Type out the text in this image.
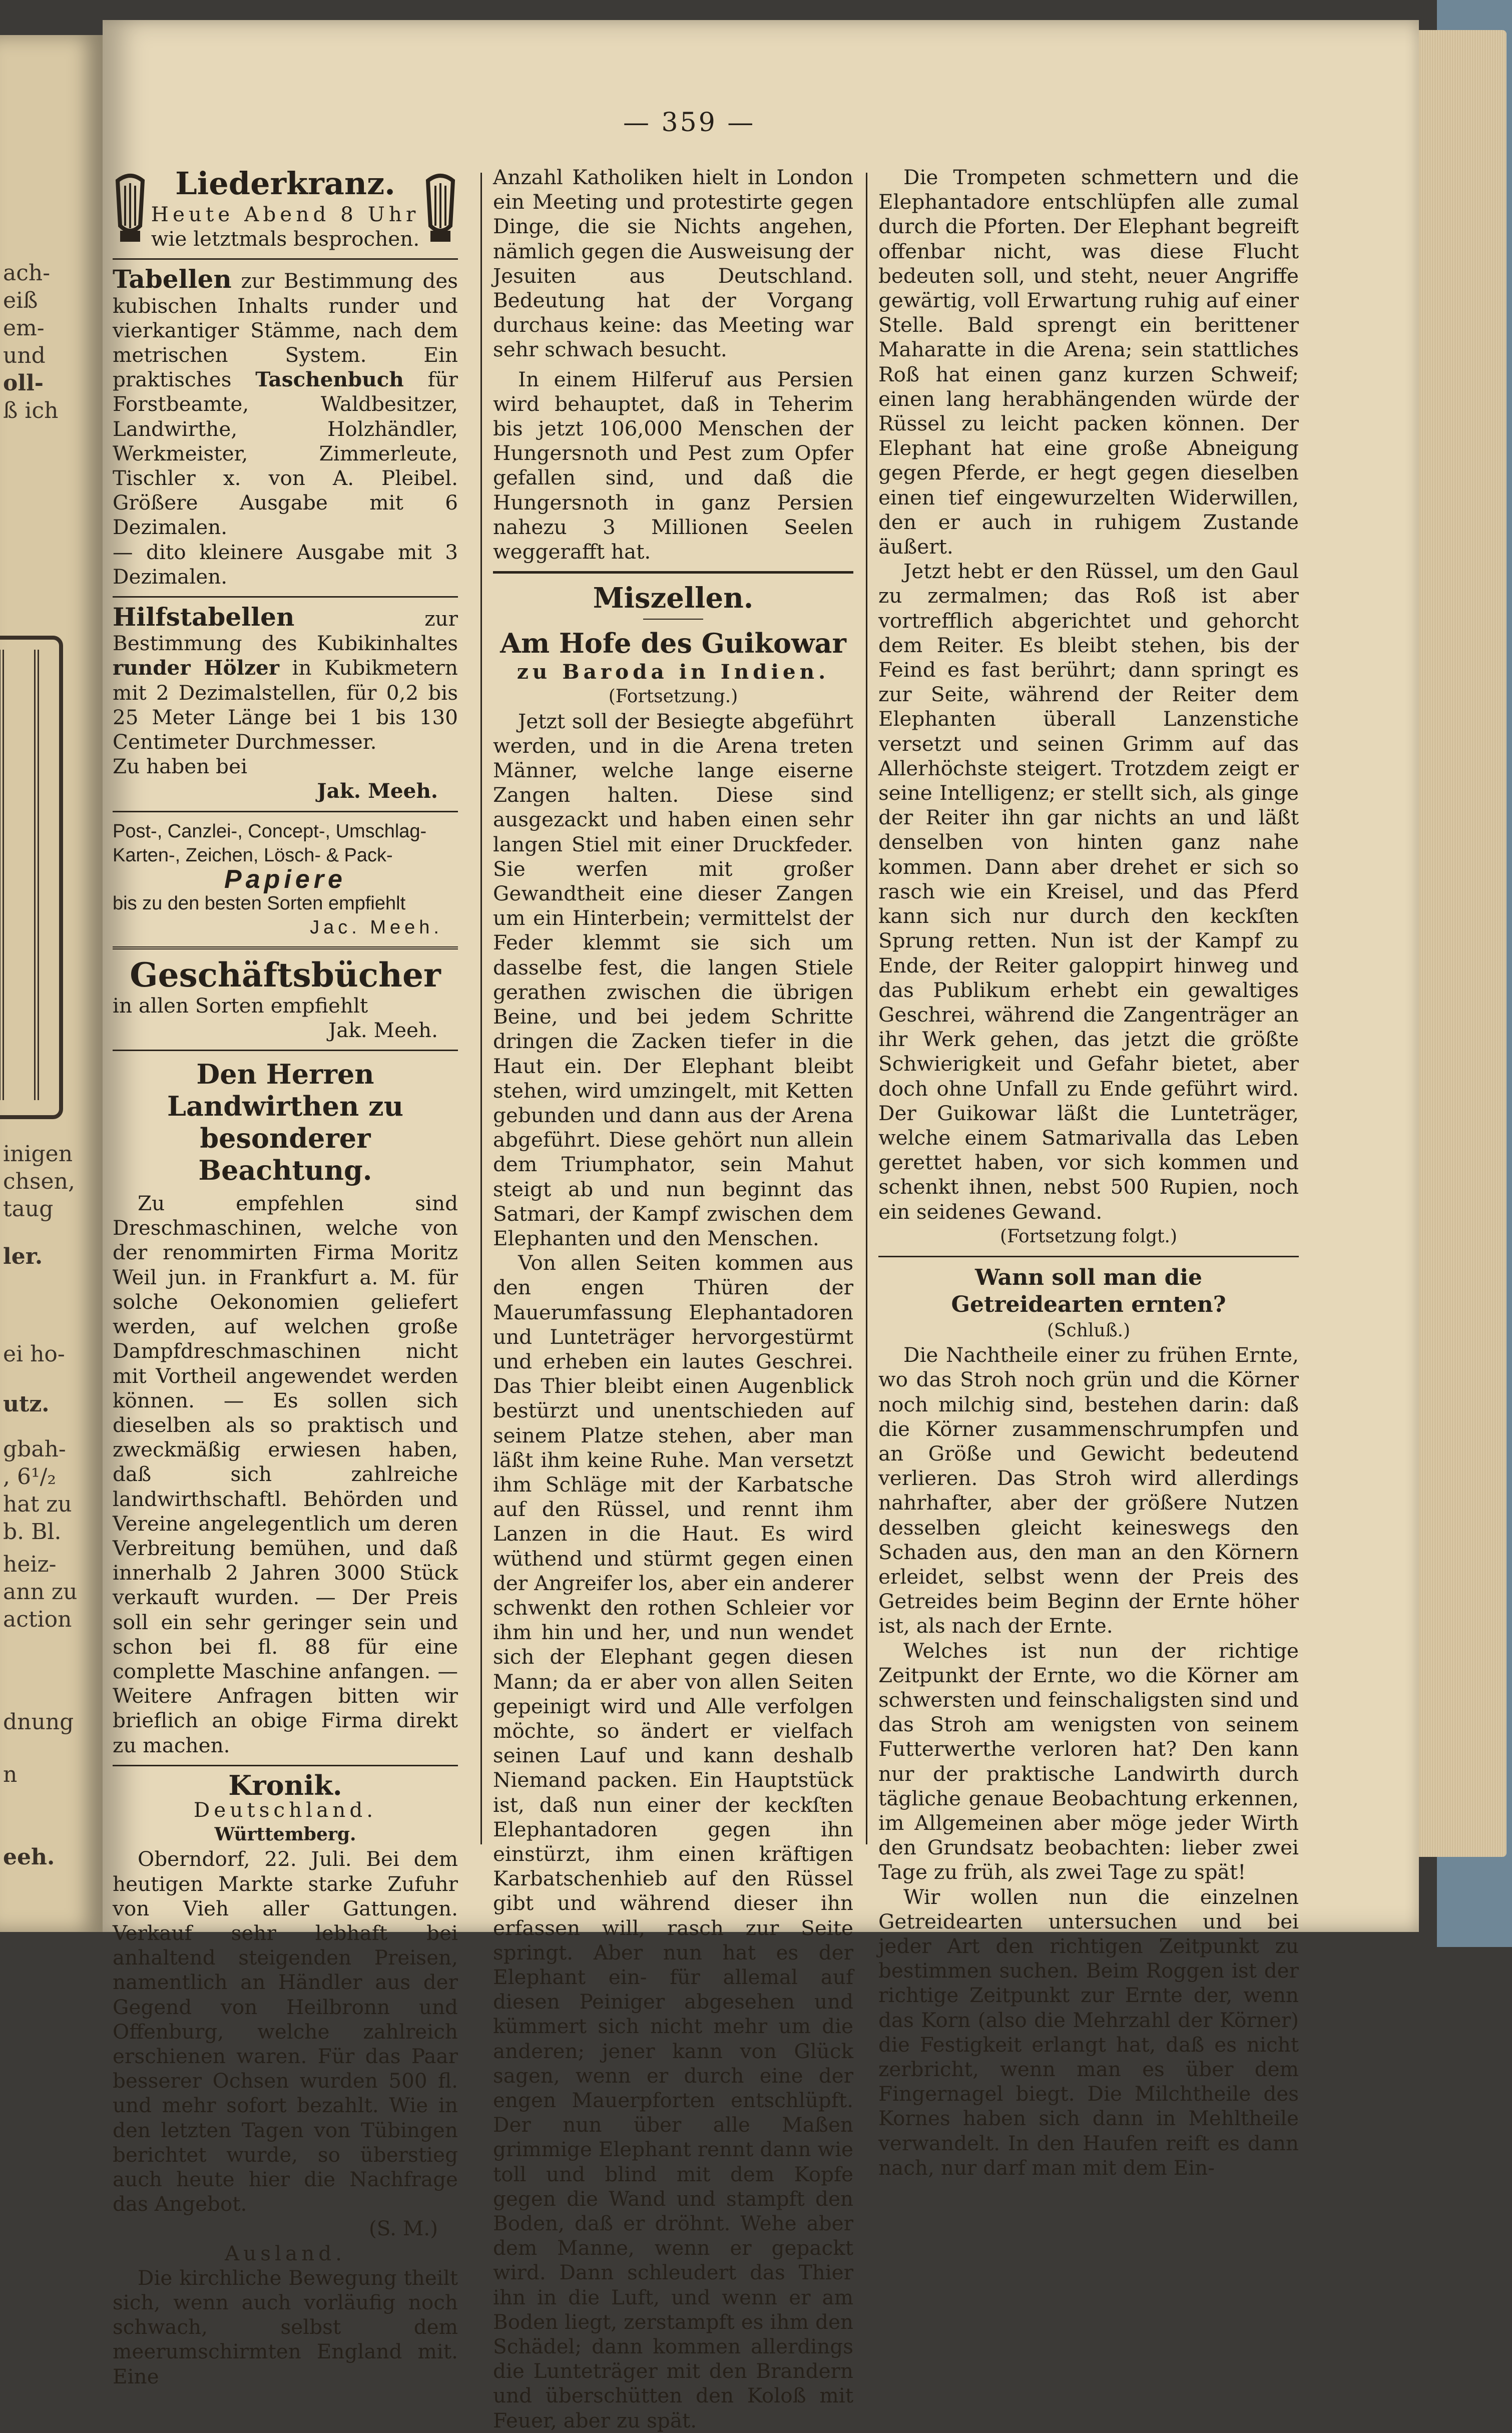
ach-
eiß
em-
und
oll-
ß ich
inigen
chsen,
taug
ler.
ei ho-
utz.
gbah-
, 6¹/₂
hat zu
b. Bl.
heiz-
ann zu
action
dnung
n
eeh.
— 359 —
Liederkranz.
Heute Abend 8 Uhr
wie letztmals besprochen.

Tabellen zur Bestimmung des kubischen Inhalts runder und vierkantiger Stämme, nach dem metrischen System. Ein praktisches Taschenbuch für Forstbeamte, Waldbesitzer, Landwirthe, Holzhändler, Werkmeister, Zimmerleute, Tischler x. von A. Pleibel. Größere Ausgabe mit 6 Dezimalen.

— dito kleinere Ausgabe mit 3 Dezimalen.

Hilfstabellen	zur Bestimmung des Kubikinhaltes runder Hölzer in Kubikmetern mit 2 Dezimalstellen, für 0,2 bis 25 Meter Länge bei 1 bis 130 Centimeter Durchmesser.

Zu haben bei

Jak. Meeh.

Post-, Canzlei-, Concept-, Umschlag-
Karten-, Zeichen, Lösch- & Pack-
Papiere
bis zu den besten Sorten empfiehlt
Jac. Meeh.
Geschäftsbücher
in allen Sorten empfiehlt
Jak. Meeh.
Den Herren Landwirthen zu besonderer Beachtung.

Zu empfehlen sind Dreschmaschinen, welche von der renommirten Firma Moritz Weil jun. in Frankfurt a. M. für solche Oekonomien geliefert werden, auf welchen große Dampfdreschmaschinen nicht mit Vortheil angewendet werden können. — Es sollen sich dieselben als so praktisch und zweckmäßig erwiesen haben, daß sich zahlreiche landwirthschaftl. Behörden und Vereine angelegentlich um deren Verbreitung bemühen, und daß innerhalb 2 Jahren 3000 Stück verkauft wurden. — Der Preis soll ein sehr geringer sein und schon bei fl. 88 für eine complette Maschine anfangen. — Weitere Anfragen bitten wir brieflich an obige Firma direkt zu machen.

Kronik.
Deutschland.
Württemberg.

Oberndorf, 22. Juli. Bei dem heutigen Markte starke Zufuhr von Vieh aller Gattungen. Verkauf sehr lebhaft bei anhaltend steigenden Preisen, namentlich an Händler aus der Gegend von Heilbronn und Offenburg, welche zahlreich erschienen waren. Für das Paar besserer Ochsen wurden 500 fl. und mehr sofort bezahlt. Wie in den letzten Tagen von Tübingen berichtet wurde, so überstieg auch heute hier die Nachfrage das Angebot.

(S. M.)

Ausland.

Die kirchliche Bewegung theilt sich, wenn auch vorläufig noch schwach, selbst dem meerumschirmten England mit. Eine

Anzahl Katholiken hielt in London ein Meeting und protestirte gegen Dinge, die sie Nichts angehen, nämlich gegen die Ausweisung der Jesuiten aus Deutschland. Bedeutung hat der Vorgang durchaus keine: das Meeting war sehr schwach besucht.

In einem Hilferuf aus Persien wird behauptet, daß in Teherim bis jetzt 106,000 Menschen der Hungersnoth und Pest zum Opfer gefallen sind, und daß die Hungersnoth in ganz Persien nahezu 3 Millionen Seelen weggerafft hat.

Miszellen.
Am Hofe des Guikowar
zu Baroda in Indien.
(Fortsetzung.)

Jetzt soll der Besiegte abgeführt werden, und in die Arena treten Männer, welche lange eiserne Zangen halten. Diese sind ausgezackt und haben einen sehr langen Stiel mit einer Druckfeder. Sie werfen mit großer Gewandtheit eine dieser Zangen um ein Hinterbein; vermittelst der Feder klemmt sie sich um dasselbe fest, die langen Stiele gerathen zwischen die übrigen Beine, und bei jedem Schritte dringen die Zacken tiefer in die Haut ein. Der Elephant bleibt stehen, wird umzingelt, mit Ketten gebunden und dann aus der Arena abgeführt. Diese gehört nun allein dem Triumphator, sein Mahut steigt ab und nun beginnt das Satmari, der Kampf zwischen dem Elephanten und den Menschen.

Von allen Seiten kommen aus den engen Thüren der Mauerumfassung Elephantadoren und Lunteträger hervorgestürmt und erheben ein lautes Geschrei. Das Thier bleibt einen Augenblick bestürzt und unentschieden auf seinem Platze stehen, aber man läßt ihm keine Ruhe. Man versetzt ihm Schläge mit der Karbatsche auf den Rüssel, und rennt ihm Lanzen in die Haut. Es wird wüthend und stürmt gegen einen der Angreifer los, aber ein anderer schwenkt den rothen Schleier vor ihm hin und her, und nun wendet sich der Elephant gegen diesen Mann; da er aber von allen Seiten gepeinigt wird und Alle verfolgen möchte, so ändert er vielfach seinen Lauf und kann deshalb Niemand packen. Ein Hauptstück ist, daß nun einer der keckſten Elephantadoren gegen ihn einstürzt, ihm einen kräftigen Karbatschenhieb auf den Rüssel gibt und während dieser ihn erfassen will, rasch zur Seite springt. Aber nun hat es der Elephant ein- für allemal auf diesen Peiniger abgesehen und kümmert sich nicht mehr um die anderen; jener kann von Glück sagen, wenn er durch eine der engen Mauerpforten entschlüpft. Der nun über alle Maßen grimmige Elephant rennt dann wie toll und blind mit dem Kopfe gegen die Wand und stampft den Boden, daß er dröhnt. Wehe aber dem Manne, wenn er gepackt wird. Dann schleudert das Thier ihn in die Luft, und wenn er am Boden liegt, zerstampft es ihm den Schädel; dann kommen allerdings die Lunteträger mit den Brandern und überschütten den Koloß mit Feuer, aber zu spät.

Die Trompeten schmettern und die Elephantadore entschlüpfen alle zumal durch die Pforten. Der Elephant begreift offenbar nicht, was diese Flucht bedeuten soll, und steht, neuer Angriffe gewärtig, voll Erwartung ruhig auf einer Stelle. Bald sprengt ein berittener Maharatte in die Arena; sein stattliches Roß hat einen ganz kurzen Schweif; einen lang herabhängenden würde der Rüssel zu leicht packen können. Der Elephant hat eine große Abneigung gegen Pferde, er hegt gegen dieselben einen tief eingewurzelten Widerwillen, den er auch in ruhigem Zustande äußert.

Jetzt hebt er den Rüssel, um den Gaul zu zermalmen; das Roß ist aber vortrefflich abgerichtet und gehorcht dem Reiter. Es bleibt stehen, bis der Feind es fast berührt; dann springt es zur Seite, während der Reiter dem Elephanten überall Lanzenstiche versetzt und seinen Grimm auf das Allerhöchste steigert. Trotzdem zeigt er seine Intelligenz; er stellt sich, als ginge der Reiter ihn gar nichts an und läßt denselben von hinten ganz nahe kommen. Dann aber drehet er sich so rasch wie ein Kreisel, und das Pferd kann sich nur durch den keckſten Sprung retten. Nun ist der Kampf zu Ende, der Reiter galoppirt hinweg und das Publikum erhebt ein gewaltiges Geschrei, während die Zangenträger an ihr Werk gehen, das jetzt die größte Schwierigkeit und Gefahr bietet, aber doch ohne Unfall zu Ende geführt wird. Der Guikowar läßt die Lunteträger, welche einem Satmarivalla das Leben gerettet haben, vor sich kommen und schenkt ihnen, nebst 500 Rupien, noch ein seidenes Gewand.

(Fortsetzung folgt.)
Wann soll man die Getreidearten ernten?
(Schluß.)

Die Nachtheile einer zu frühen Ernte, wo das Stroh noch grün und die Körner noch milchig sind, bestehen darin: daß die Körner zusammenschrumpfen und an Größe und Gewicht bedeutend verlieren. Das Stroh wird allerdings nahrhafter, aber der größere Nutzen desselben gleicht keineswegs den Schaden aus, den man an den Körnern erleidet, selbst wenn der Preis des Getreides beim Beginn der Ernte höher ist, als nach der Ernte.

Welches ist nun der richtige Zeitpunkt der Ernte, wo die Körner am schwersten und feinschaligsten sind und das Stroh am wenigsten von seinem Futterwerthe verloren hat? Den kann nur der praktische Landwirth durch tägliche genaue Beobachtung erkennen, im Allgemeinen aber möge jeder Wirth den Grundsatz beobachten: lieber zwei Tage zu früh, als zwei Tage zu spät!

Wir wollen nun die einzelnen Getreidearten untersuchen und bei jeder Art den richtigen Zeitpunkt zu bestimmen suchen. Beim Roggen ist der richtige Zeitpunkt zur Ernte der, wenn das Korn (also die Mehrzahl der Körner) die Festigkeit erlangt hat, daß es nicht zerbricht, wenn man es über dem Fingernagel biegt. Die Milchtheile des Kornes haben sich dann in Mehltheile verwandelt. In den Haufen reift es dann nach, nur darf man mit dem Ein-
